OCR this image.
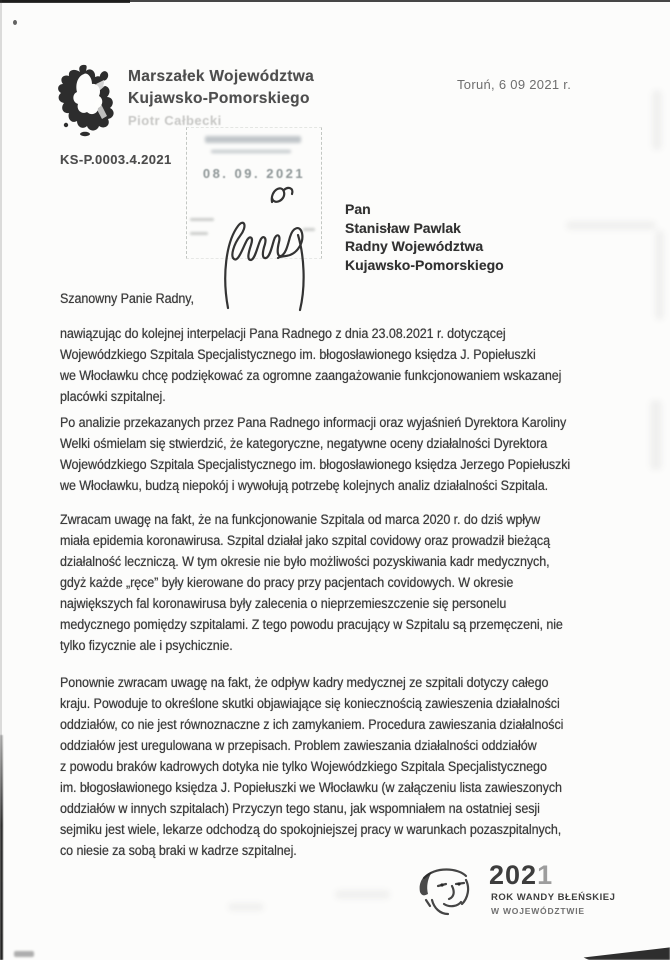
Marszałek Województwa
Kujawsko-Pomorskiego
Piotr Całbecki
Toruń, 6 09 2021 r.
KS-P.0003.4.2021
08. 09. 2021
Pan
Stanisław Pawlak
Radny Województwa
Kujawsko-Pomorskiego
Szanowny Panie Radny,
nawiązując do kolejnej interpelacji Pana Radnego z dnia 23.08.2021 r. dotyczącej
Wojewódzkiego Szpitala Specjalistycznego im. błogosławionego księdza J. Popiełuszki
we Włocławku chcę podziękować za ogromne zaangażowanie funkcjonowaniem wskazanej
placówki szpitalnej.
Po analizie przekazanych przez Pana Radnego informacji oraz wyjaśnień Dyrektora Karoliny
Welki ośmielam się stwierdzić, że kategoryczne, negatywne oceny działalności Dyrektora
Wojewódzkiego Szpitala Specjalistycznego im. błogosławionego księdza Jerzego Popiełuszki
we Włocławku, budzą niepokój i wywołują potrzebę kolejnych analiz działalności Szpitala.
Zwracam uwagę na fakt, że na funkcjonowanie Szpitala od marca 2020 r. do dziś wpływ
miała epidemia koronawirusa. Szpital działał jako szpital covidowy oraz prowadził bieżącą
działalność leczniczą. W tym okresie nie było możliwości pozyskiwania kadr medycznych,
gdyż każde „ręce” były kierowane do pracy przy pacjentach covidowych. W okresie
największych fal koronawirusa były zalecenia o nieprzemieszczenie się personelu
medycznego pomiędzy szpitalami. Z tego powodu pracujący w Szpitalu są przemęczeni, nie
tylko fizycznie ale i psychicznie.
Ponownie zwracam uwagę na fakt, że odpływ kadry medycznej ze szpitali dotyczy całego
kraju. Powoduje to określone skutki objawiające się koniecznością zawieszenia działalności
oddziałów, co nie jest równoznaczne z ich zamykaniem. Procedura zawieszania działalności
oddziałów jest uregulowana w przepisach. Problem zawieszania działalności oddziałów
z powodu braków kadrowych dotyka nie tylko Wojewódzkiego Szpitala Specjalistycznego
im. błogosławionego księdza J. Popiełuszki we Włocławku (w załączeniu lista zawieszonych
oddziałów w innych szpitalach) Przyczyn tego stanu, jak wspomniałem na ostatniej sesji
sejmiku jest wiele, lekarze odchodzą do spokojniejszej pracy w warunkach pozaszpitalnych,
co niesie za sobą braki w kadrze szpitalnej.
2021
ROK WANDY BŁEŃSKIEJ
W WOJEWÓDZTWIE
